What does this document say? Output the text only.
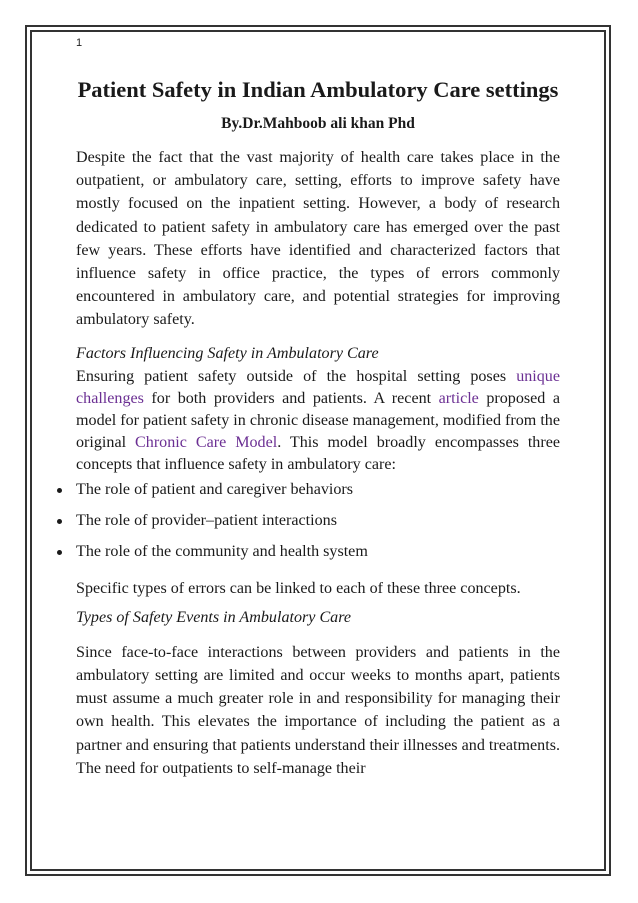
1
Patient Safety in Indian Ambulatory Care settings
By.Dr.Mahboob ali khan Phd

Despite the fact that the vast majority of health care takes place in the outpatient, or ambulatory care, setting, efforts to improve safety have mostly focused on the inpatient setting. However, a body of research dedicated to patient safety in ambulatory care has emerged over the past few years. These efforts have identified and characterized factors that influence safety in office practice, the types of errors commonly encountered in ambulatory care, and potential strategies for improving ambulatory safety.

Factors Influencing Safety in Ambulatory Care

Ensuring patient safety outside of the hospital setting poses unique challenges for both providers and patients. A recent article proposed a model for patient safety in chronic disease management, modified from the original Chronic Care Model. This model broadly encompasses three concepts that influence safety in ambulatory care:

The role of patient and caregiver behaviors
The role of provider–patient interactions
The role of the community and health system

Specific types of errors can be linked to each of these three concepts.

Types of Safety Events in Ambulatory Care

Since face-to-face interactions between providers and patients in the ambulatory setting are limited and occur weeks to months apart, patients must assume a much greater role in and responsibility for managing their own health. This elevates the importance of including the patient as a partner and ensuring that patients understand their illnesses and treatments. The need for outpatients to self-manage their
